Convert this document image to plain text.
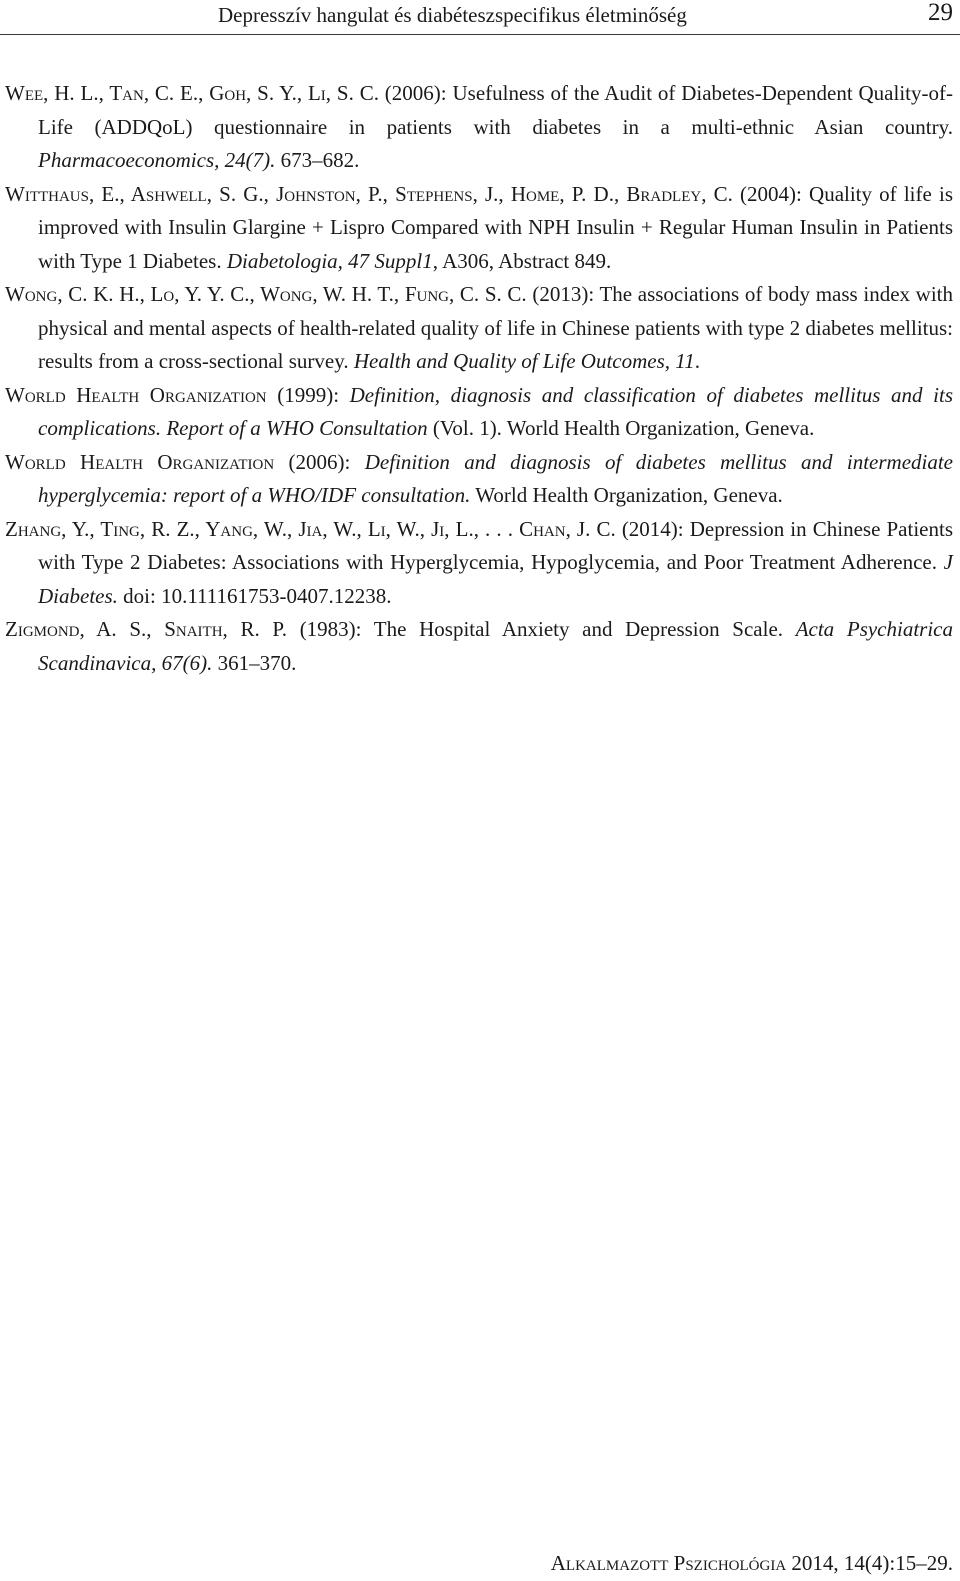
Depresszív hangulat és diabéteszspecifikus életminőség	29

Wee, H. L., Tan, C. E., Goh, S. Y., Li, S. C. (2006): Usefulness of the Audit of Diabetes-Dependent Quality-of-Life (ADDQoL) questionnaire in patients with diabetes in a multi-ethnic Asian country. Pharmacoeconomics, 24(7). 673–682.

Witthaus, E., Ashwell, S. G., Johnston, P., Stephens, J., Home, P. D., Bradley, C. (2004): Quality of life is improved with Insulin Glargine + Lispro Compared with NPH Insulin + Regular Human Insulin in Patients with Type 1 Diabetes. Diabetologia, 47 Suppl1, A306, Abstract 849.

Wong, C. K. H., Lo, Y. Y. C., Wong, W. H. T., Fung, C. S. C. (2013): The associations of body mass index with physical and mental aspects of health-related quality of life in Chinese patients with type 2 diabetes mellitus: results from a cross-sectional survey. Health and Quality of Life Outcomes, 11.

World Health Organization (1999): Definition, diagnosis and classification of diabetes mellitus and its complications. Report of a WHO Consultation (Vol. 1). World Health Organization, Geneva.

World Health Organization (2006): Definition and diagnosis of diabetes mellitus and intermediate hyperglycemia: report of a WHO/IDF consultation. World Health Organization, Geneva.

Zhang, Y., Ting, R. Z., Yang, W., Jia, W., Li, W., Ji, L., . . . Chan, J. C. (2014): Depression in Chinese Patients with Type 2 Diabetes: Associations with Hyperglycemia, Hypoglycemia, and Poor Treatment Adherence. J Diabetes. doi: 10.111161753-0407.12238.

Zigmond, A. S., Snaith, R. P. (1983): The Hospital Anxiety and Depression Scale. Acta Psychiatrica Scandinavica, 67(6). 361–370.

Alkalmazott Pszichológia 2014, 14(4):15–29.
